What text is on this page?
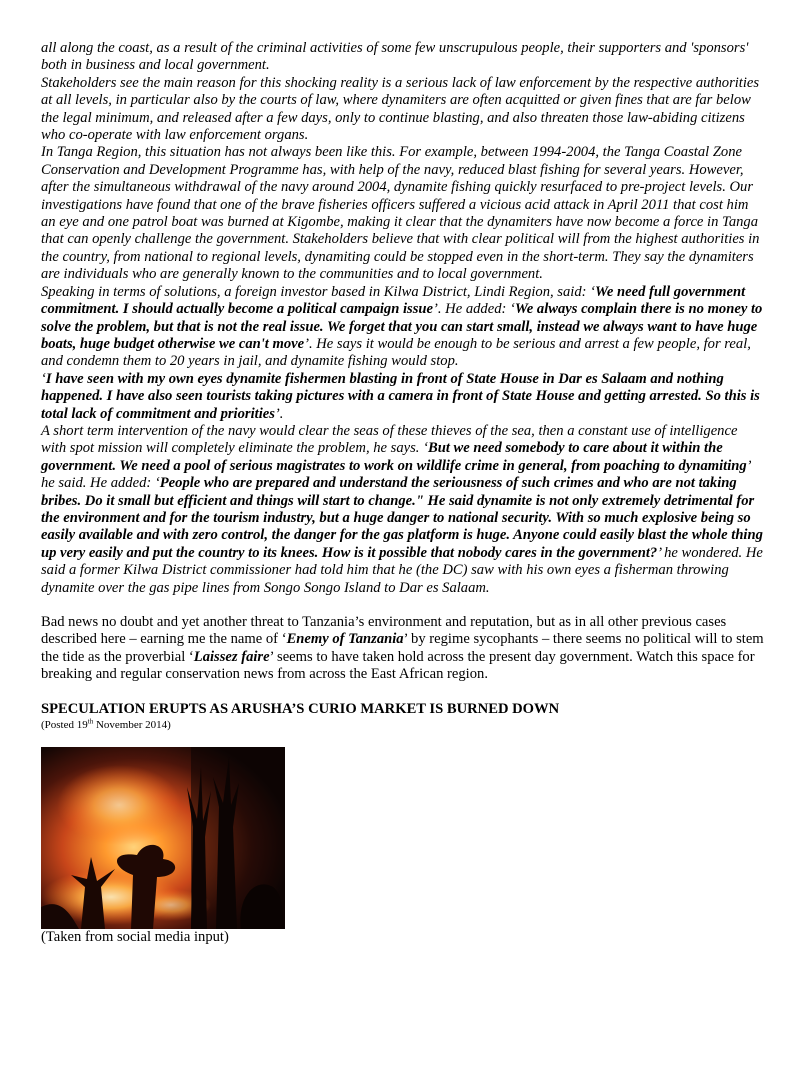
all along the coast, as a result of the criminal activities of some few unscrupulous people, their supporters and 'sponsors' both in business and local government.

Stakeholders see the main reason for this shocking reality is a serious lack of law enforcement by the respective authorities at all levels, in particular also by the courts of law, where dynamiters are often acquitted or given fines that are far below the legal minimum, and released after a few days, only to continue blasting, and also threaten those law-abiding citizens who co-operate with law enforcement organs.

In Tanga Region, this situation has not always been like this. For example, between 1994-2004, the Tanga Coastal Zone Conservation and Development Programme has, with help of the navy, reduced blast fishing for several years. However, after the simultaneous withdrawal of the navy around 2004, dynamite fishing quickly resurfaced to pre-project levels. Our investigations have found that one of the brave fisheries officers suffered a vicious acid attack in April 2011 that cost him an eye and one patrol boat was burned at Kigombe, making it clear that the dynamiters have now become a force in Tanga that can openly challenge the government. Stakeholders believe that with clear political will from the highest authorities in the country, from national to regional levels, dynamiting could be stopped even in the short-term. They say the dynamiters are individuals who are generally known to the communities and to local government.

Speaking in terms of solutions, a foreign investor based in Kilwa District, Lindi Region, said: ‘We need full government commitment. I should actually become a political campaign issue’. He added: ‘We always complain there is no money to solve the problem, but that is not the real issue. We forget that you can start small, instead we always want to have huge boats, huge budget otherwise we can't move’. He says it would be enough to be serious and arrest a few people, for real, and condemn them to 20 years in jail, and dynamite fishing would stop.

‘I have seen with my own eyes dynamite fishermen blasting in front of State House in Dar es Salaam and nothing happened. I have also seen tourists taking pictures with a camera in front of State House and getting arrested. So this is total lack of commitment and priorities’.

A short term intervention of the navy would clear the seas of these thieves of the sea, then a constant use of intelligence with spot mission will completely eliminate the problem, he says. ‘But we need somebody to care about it within the government. We need a pool of serious magistrates to work on wildlife crime in general, from poaching to dynamiting’ he said. He added: ‘People who are prepared and understand the seriousness of such crimes and who are not taking bribes. Do it small but efficient and things will start to change." He said dynamite is not only extremely detrimental for the environment and for the tourism industry, but a huge danger to national security. With so much explosive being so easily available and with zero control, the danger for the gas platform is huge. Anyone could easily blast the whole thing up very easily and put the country to its knees. How is it possible that nobody cares in the government?’ he wondered. He said a former Kilwa District commissioner had told him that he (the DC) saw with his own eyes a fisherman throwing dynamite over the gas pipe lines from Songo Songo Island to Dar es Salaam.

Bad news no doubt and yet another threat to Tanzania’s environment and reputation, but as in all other previous cases described here – earning me the name of ‘Enemy of Tanzania’ by regime sycophants – there seems no political will to stem the tide as the proverbial ‘Laissez faire’ seems to have taken hold across the present day government. Watch this space for breaking and regular conservation news from across the East African region.

SPECULATION ERUPTS AS ARUSHA’S CURIO MARKET IS BURNED DOWN

(Posted 19th November 2014)

(Taken from social media input)
